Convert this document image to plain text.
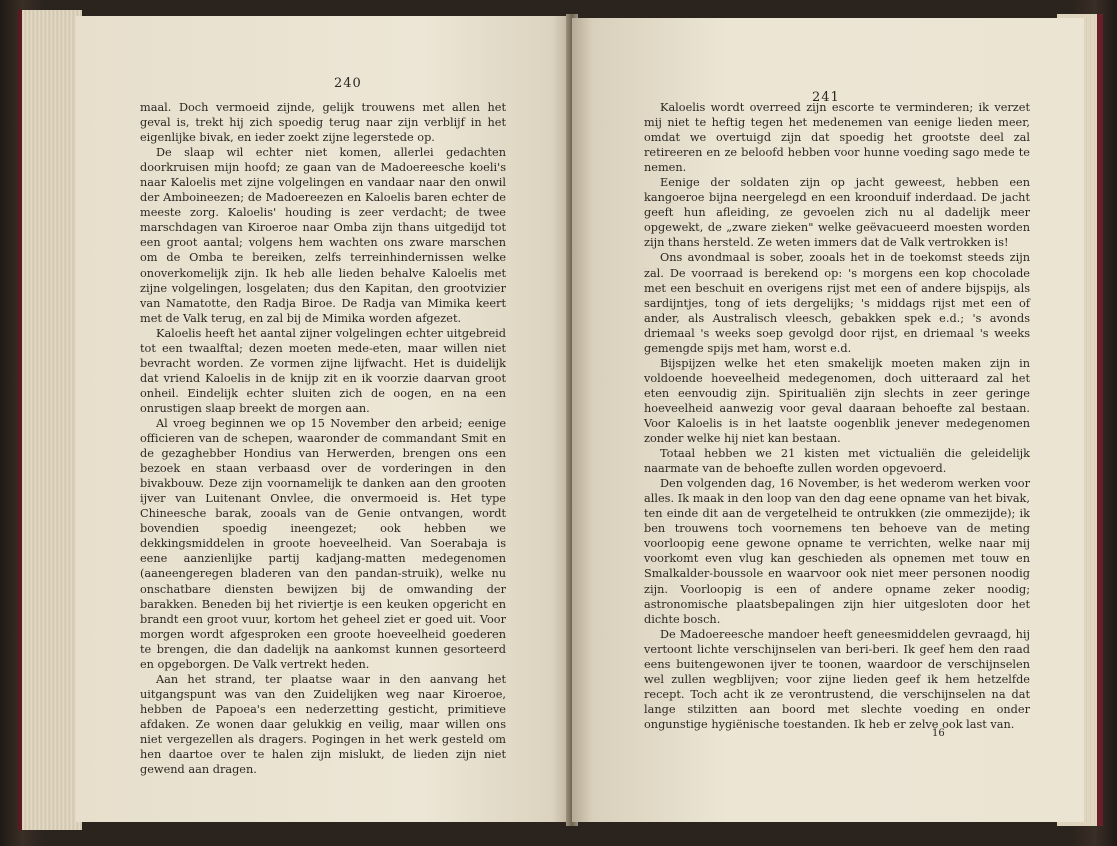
240

maal. Doch vermoeid zijnde, gelijk trouwens met allen het geval is, trekt hij zich spoedig terug naar zijn verblijf in het eigenlijke bivak, en ieder zoekt zijne legerstede op.

De slaap wil echter niet komen, allerlei gedachten doorkruisen mijn hoofd; ze gaan van de Madoereesche koeli's naar Kaloelis met zijne volgelingen en vandaar naar den onwil der Amboineezen; de Madoereezen en Kaloelis baren echter de meeste zorg. Kaloelis' houding is zeer verdacht; de twee marschdagen van Kiroeroe naar Omba zijn thans uitgedijd tot een groot aantal; volgens hem wachten ons zware marschen om de Omba te bereiken, zelfs terreinhindernissen welke onoverkomelijk zijn. Ik heb alle lieden behalve Kaloelis met zijne volgelingen, losgelaten; dus den Kapitan, den grootvizier van Namatotte, den Radja Biroe. De Radja van Mimika keert met de Valk terug, en zal bij de Mimika worden afgezet.

Kaloelis heeft het aantal zijner volgelingen echter uitgebreid tot een twaalftal; dezen moeten mede-eten, maar willen niet bevracht worden. Ze vormen zijne lijfwacht. Het is duidelijk dat vriend Kaloelis in de knijp zit en ik voorzie daarvan groot onheil. Eindelijk echter sluiten zich de oogen, en na een onrustigen slaap breekt de morgen aan.

Al vroeg beginnen we op 15 November den arbeid; eenige officieren van de schepen, waaronder de commandant Smit en de gezaghebber Hondius van Herwerden, brengen ons een bezoek en staan verbaasd over de vorderingen in den bivakbouw. Deze zijn voornamelijk te danken aan den grooten ijver van Luitenant Onvlee, die onvermoeid is. Het type Chineesche barak, zooals van de Genie ontvangen, wordt bovendien spoedig ineengezet; ook hebben we dekkingsmiddelen in groote hoeveelheid. Van Soerabaja is eene aanzienlijke partij kadjang-matten medegenomen (aaneengeregen bladeren van den pandan-struik), welke nu onschatbare diensten bewijzen bij de omwanding der barakken. Beneden bij het riviertje is een keuken opgericht en brandt een groot vuur, kortom het geheel ziet er goed uit. Voor morgen wordt afgesproken een groote hoeveelheid goederen te brengen, die dan dadelijk na aankomst kunnen gesorteerd en opgeborgen. De Valk vertrekt heden.

Aan het strand, ter plaatse waar in den aanvang het uitgangspunt was van den Zuidelijken weg naar Kiroeroe, hebben de Papoea's een nederzetting gesticht, primitieve afdaken. Ze wonen daar gelukkig en veilig, maar willen ons niet vergezellen als dragers. Pogingen in het werk gesteld om hen daartoe over te halen zijn mislukt, de lieden zijn niet gewend aan dragen.

241

Kaloelis wordt overreed zijn escorte te verminderen; ik verzet mij niet te heftig tegen het medenemen van eenige lieden meer, omdat we overtuigd zijn dat spoedig het grootste deel zal retireeren en ze beloofd hebben voor hunne voeding sago mede te nemen.

Eenige der soldaten zijn op jacht geweest, hebben een kangoeroe bijna neergelegd en een kroonduif inderdaad. De jacht geeft hun afleiding, ze gevoelen zich nu al dadelijk meer opgewekt, de „zware zieken" welke geëvacueerd moesten worden zijn thans hersteld. Ze weten immers dat de Valk vertrokken is!

Ons avondmaal is sober, zooals het in de toekomst steeds zijn zal. De voorraad is berekend op: 's morgens een kop chocolade met een beschuit en overigens rijst met een of andere bijspijs, als sardijntjes, tong of iets dergelijks; 's middags rijst met een of ander, als Australisch vleesch, gebakken spek e.d.; 's avonds driemaal 's weeks soep gevolgd door rijst, en driemaal 's weeks gemengde spijs met ham, worst e.d.

Bijspijzen welke het eten smakelijk moeten maken zijn in voldoende hoeveelheid medegenomen, doch uitteraard zal het eten eenvoudig zijn. Spiritualiën zijn slechts in zeer geringe hoeveelheid aanwezig voor geval daaraan behoefte zal bestaan. Voor Kaloelis is in het laatste oogenblik jenever medegenomen zonder welke hij niet kan bestaan.

Totaal hebben we 21 kisten met victualiën die geleidelijk naarmate van de behoefte zullen worden opgevoerd.

Den volgenden dag, 16 November, is het wederom werken voor alles. Ik maak in den loop van den dag eene opname van het bivak, ten einde dit aan de vergetelheid te ontrukken (zie ommezijde); ik ben trouwens toch voornemens ten behoeve van de meting voorloopig eene gewone opname te verrichten, welke naar mij voorkomt even vlug kan geschieden als opnemen met touw en Smalkalder-boussole en waarvoor ook niet meer personen noodig zijn. Voorloopig is een of andere opname zeker noodig; astronomische plaatsbepalingen zijn hier uitgesloten door het dichte bosch.

De Madoereesche mandoer heeft geneesmiddelen gevraagd, hij vertoont lichte verschijnselen van beri-beri. Ik geef hem den raad eens buitengewonen ijver te toonen, waardoor de verschijnselen wel zullen wegblijven; voor zijne lieden geef ik hem hetzelfde recept. Toch acht ik ze verontrustend, die verschijnselen na dat lange stilzitten aan boord met slechte voeding en onder ongunstige hygiënische toestanden. Ik heb er zelve ook last van.

16
